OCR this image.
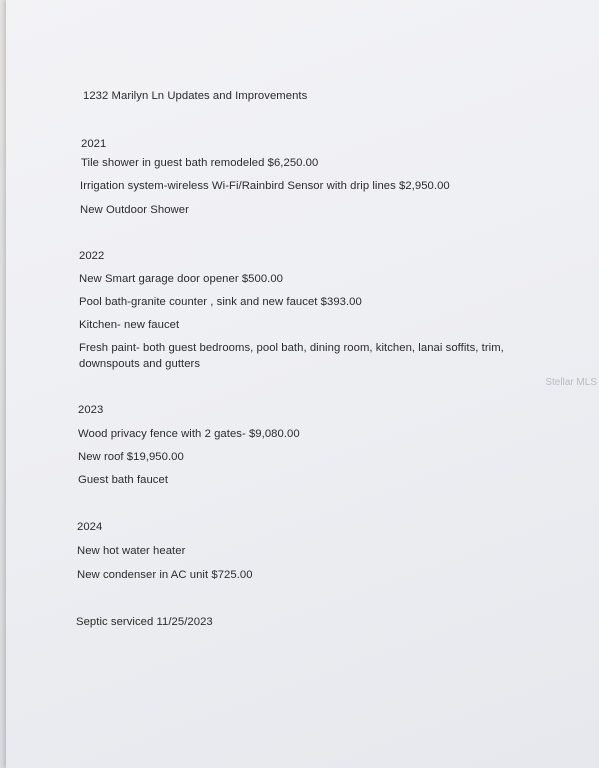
1232 Marilyn Ln Updates and Improvements

2021

Tile shower in guest bath remodeled $6,250.00

Irrigation system-wireless Wi-Fi/Rainbird Sensor with drip lines $2,950.00

New Outdoor Shower

2022

New Smart garage door opener $500.00

Pool bath-granite counter , sink and new faucet $393.00

Kitchen- new faucet

Fresh paint- both guest bedrooms, pool bath, dining room, kitchen, lanai soffits, trim,

downspouts and gutters

2023

Wood privacy fence with 2 gates- $9,080.00

New roof $19,950.00

Guest bath faucet

2024

New hot water heater

New condenser in AC unit $725.00

Septic serviced 11/25/2023

Stellar MLS
